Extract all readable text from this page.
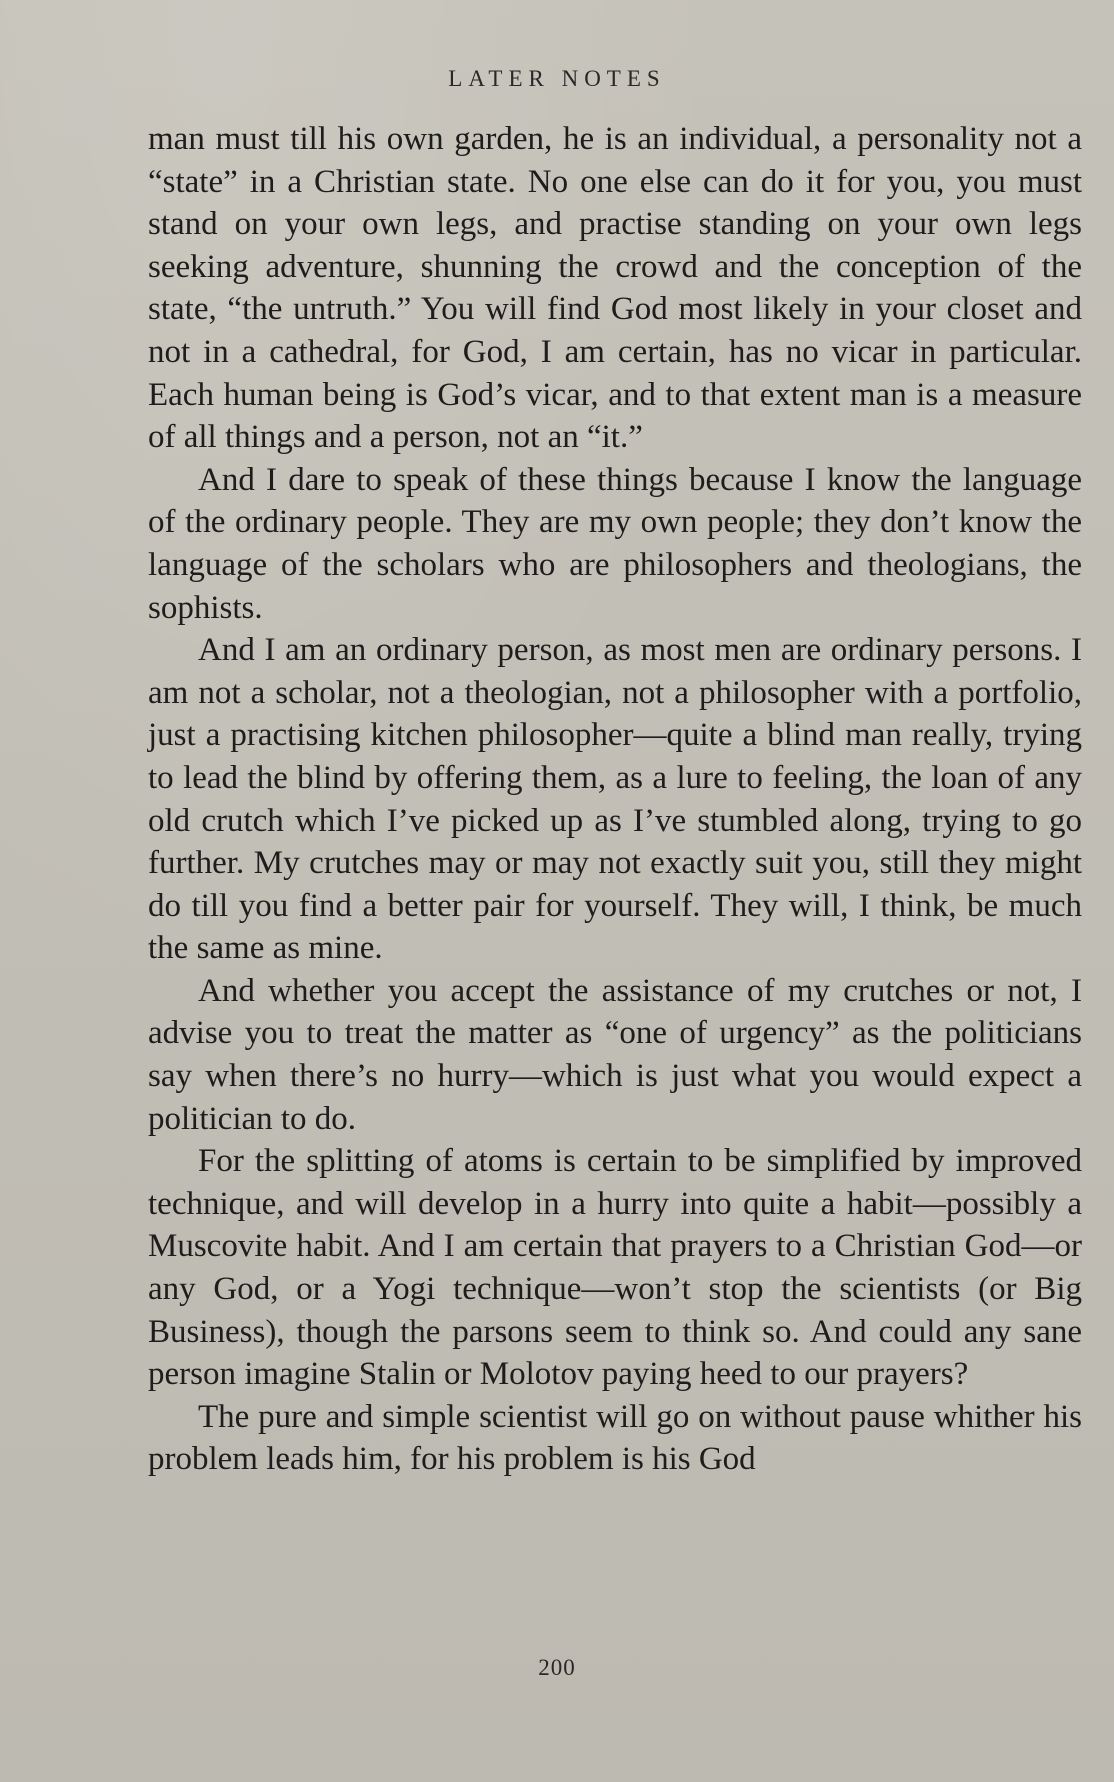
LATER NOTES

man must till his own garden, he is an individual, a personality not a “state” in a Christian state. No one else can do it for you, you must stand on your own legs, and practise standing on your own legs seeking adventure, shunning the crowd and the conception of the state, “the untruth.” You will find God most likely in your closet and not in a cathedral, for God, I am certain, has no vicar in particular. Each human being is God’s vicar, and to that extent man is a measure of all things and a person, not an “it.”

And I dare to speak of these things because I know the language of the ordinary people. They are my own people; they don’t know the language of the scholars who are philosophers and theologians, the sophists.

And I am an ordinary person, as most men are ordinary persons. I am not a scholar, not a theologian, not a philosopher with a portfolio, just a practising kitchen philosopher—quite a blind man really, trying to lead the blind by offering them, as a lure to feeling, the loan of any old crutch which I’ve picked up as I’ve stumbled along, trying to go further. My crutches may or may not exactly suit you, still they might do till you find a better pair for yourself. They will, I think, be much the same as mine.

And whether you accept the assistance of my crutches or not, I advise you to treat the matter as “one of urgency” as the politicians say when there’s no hurry—which is just what you would expect a politician to do.

For the splitting of atoms is certain to be simplified by improved technique, and will develop in a hurry into quite a habit—possibly a Muscovite habit. And I am certain that prayers to a Christian God—or any God, or a Yogi technique—won’t stop the scientists (or Big Business), though the parsons seem to think so. And could any sane person imagine Stalin or Molotov paying heed to our prayers?

The pure and simple scientist will go on without pause whither his problem leads him, for his problem is his God

200
